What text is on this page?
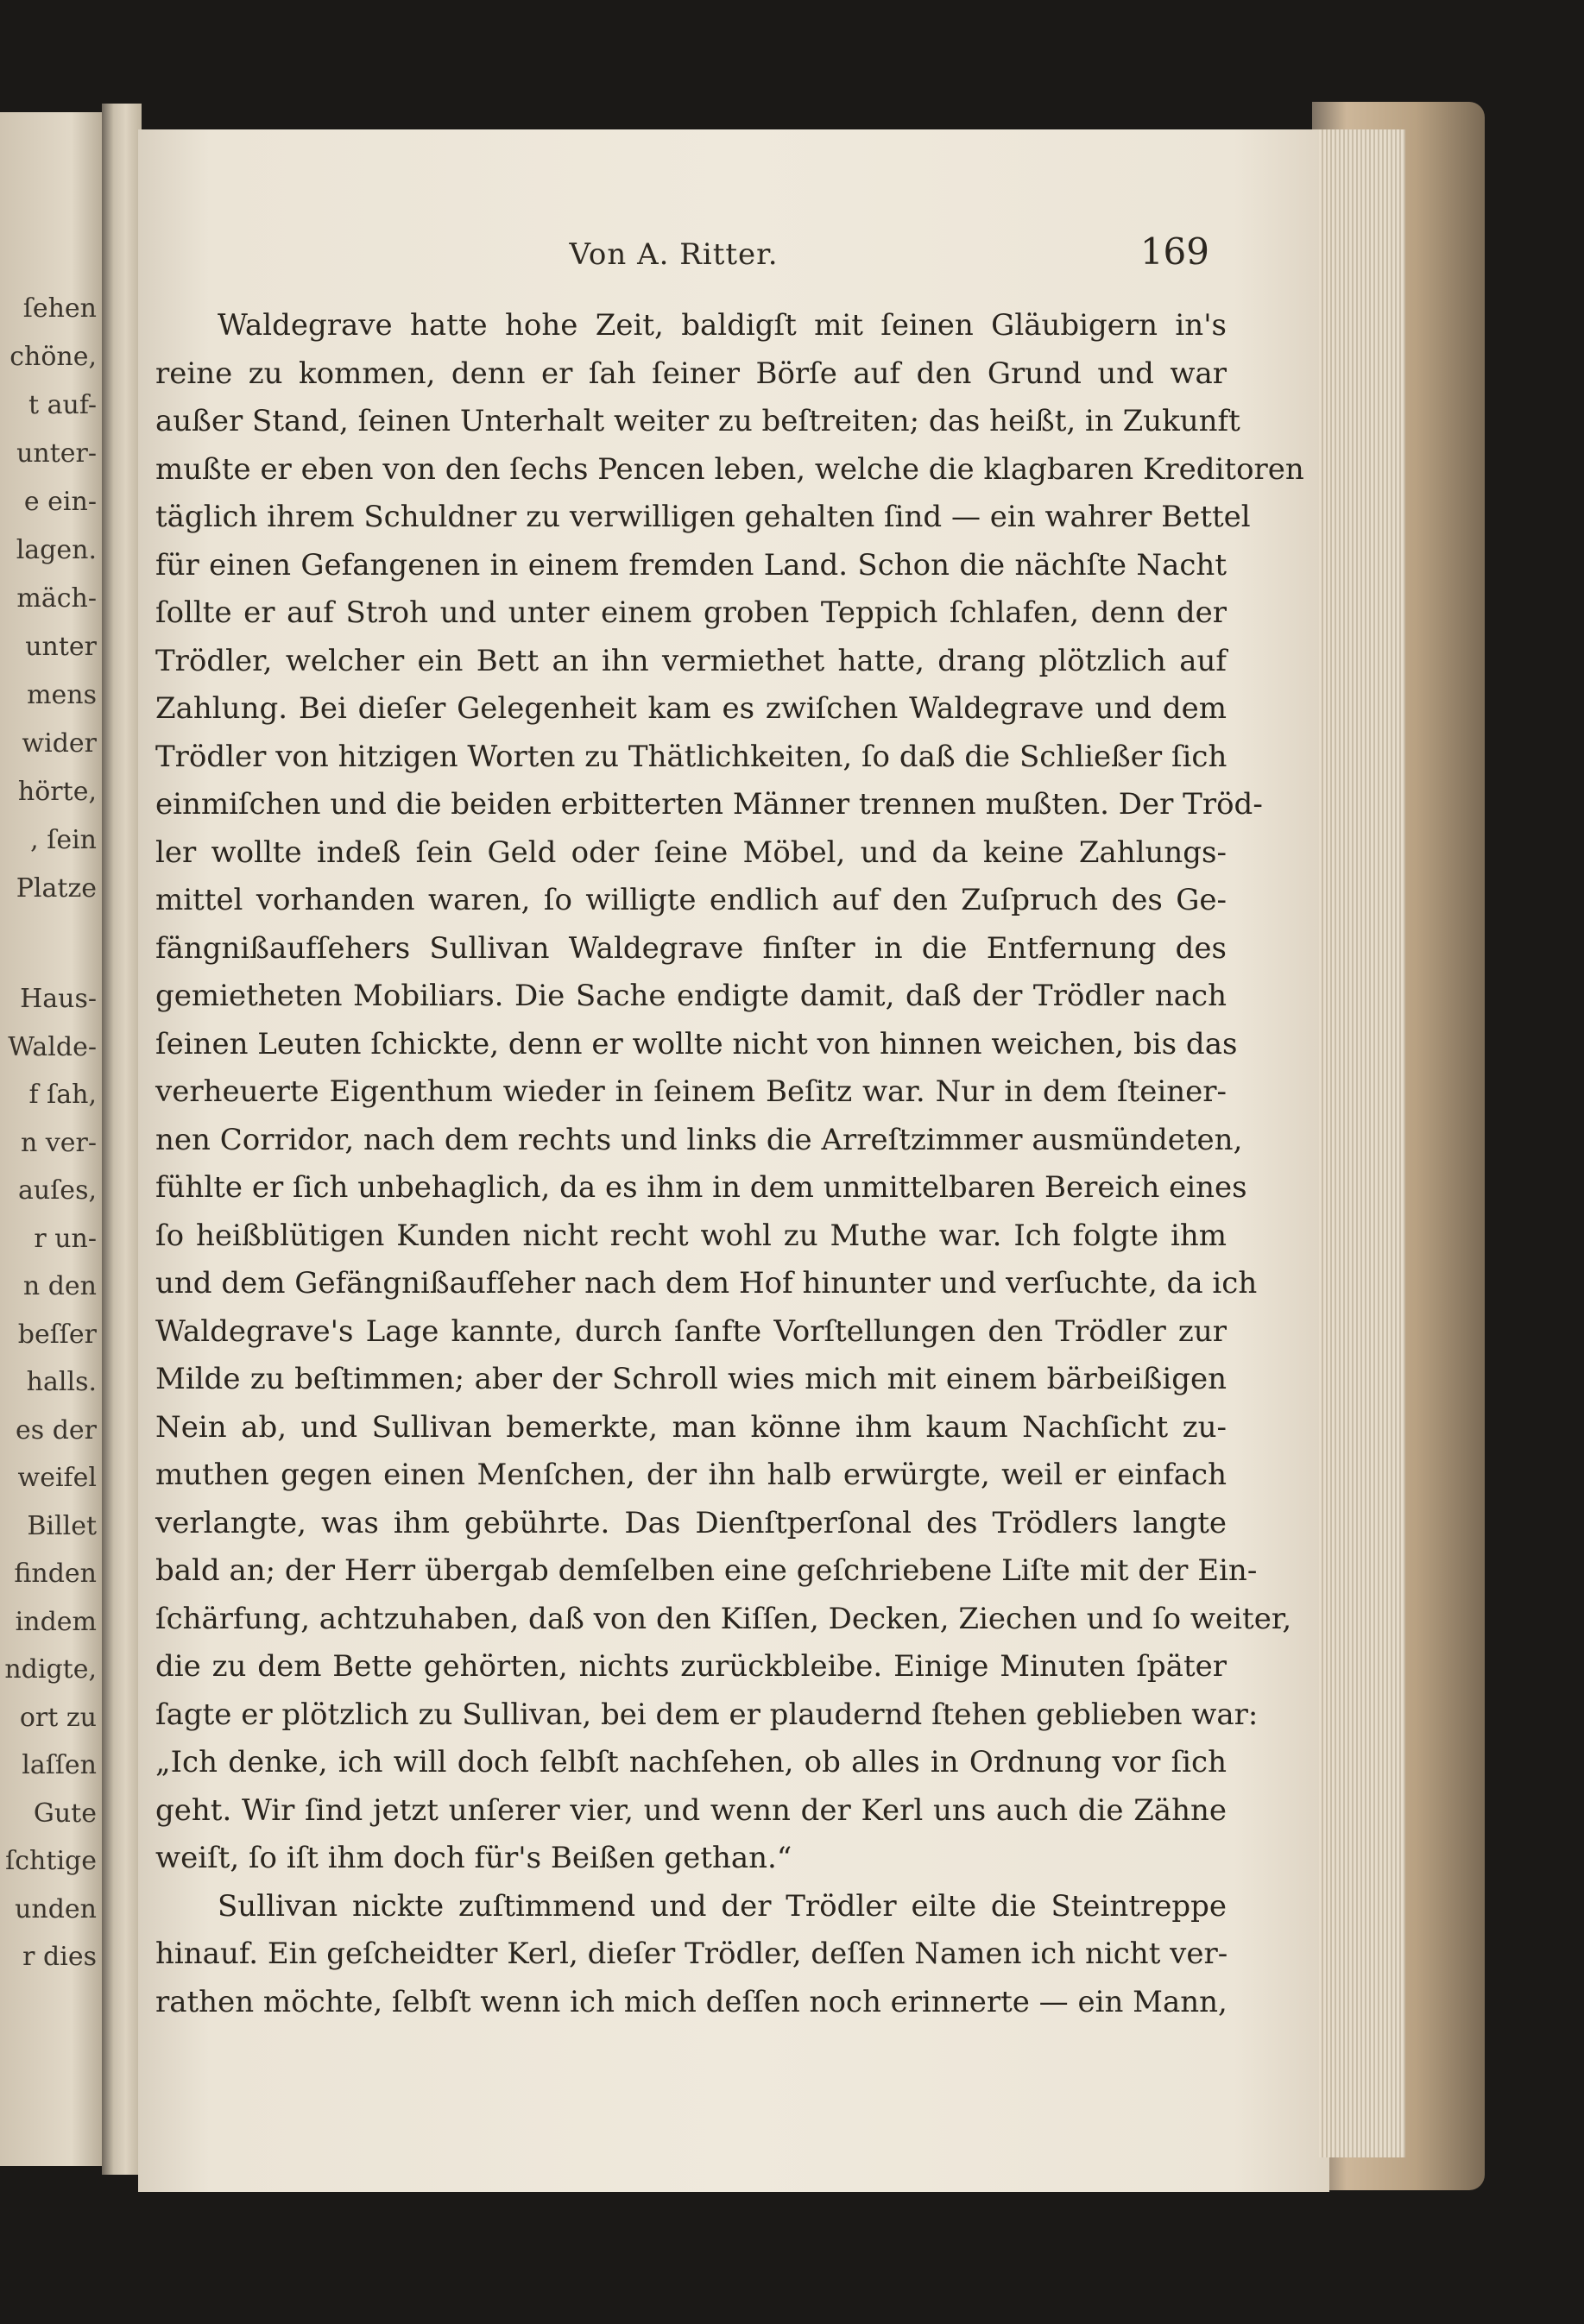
ſehen
chöne,
t auf-
unter-
e ein-
lagen.
mäch-
unter
mens
wider
hörte,
, ſein
Platze
Haus-
Walde-
f ſah,
n ver-
auſes,
r un-
n den
beſſer
halls.
es der
weifel
Billet
finden
indem
ndigte,
ort zu
laſſen
Gute
ſchtige
unden
r dies
Von A. Ritter.	169
Waldegrave hatte hohe Zeit, baldigſt mit ſeinen Gläubigern in's
reine zu kommen, denn er ſah ſeiner Börſe auf den Grund und war
außer Stand, ſeinen Unterhalt weiter zu beſtreiten; das heißt, in Zukunft
mußte er eben von den ſechs Pencen leben, welche die klagbaren Kreditoren
täglich ihrem Schuldner zu verwilligen gehalten ſind — ein wahrer Bettel
für einen Gefangenen in einem fremden Land. Schon die nächſte Nacht
ſollte er auf Stroh und unter einem groben Teppich ſchlafen, denn der
Trödler, welcher ein Bett an ihn vermiethet hatte, drang plötzlich auf
Zahlung. Bei dieſer Gelegenheit kam es zwiſchen Waldegrave und dem
Trödler von hitzigen Worten zu Thätlichkeiten, ſo daß die Schließer ſich
einmiſchen und die beiden erbitterten Männer trennen mußten. Der Tröd-
ler wollte indeß ſein Geld oder ſeine Möbel, und da keine Zahlungs-
mittel vorhanden waren, ſo willigte endlich auf den Zuſpruch des Ge-
fängnißaufſehers Sullivan Waldegrave finſter in die Entfernung des
gemietheten Mobiliars. Die Sache endigte damit, daß der Trödler nach
ſeinen Leuten ſchickte, denn er wollte nicht von hinnen weichen, bis das
verheuerte Eigenthum wieder in ſeinem Beſitz war. Nur in dem ſteiner-
nen Corridor, nach dem rechts und links die Arreſtzimmer ausmündeten,
fühlte er ſich unbehaglich, da es ihm in dem unmittelbaren Bereich eines
ſo heißblütigen Kunden nicht recht wohl zu Muthe war. Ich folgte ihm
und dem Gefängnißaufſeher nach dem Hof hinunter und verſuchte, da ich
Waldegrave's Lage kannte, durch ſanfte Vorſtellungen den Trödler zur
Milde zu beſtimmen; aber der Schroll wies mich mit einem bärbeißigen
Nein ab, und Sullivan bemerkte, man könne ihm kaum Nachſicht zu-
muthen gegen einen Menſchen, der ihn halb erwürgte, weil er einfach
verlangte, was ihm gebührte. Das Dienſtperſonal des Trödlers langte
bald an; der Herr übergab demſelben eine geſchriebene Liſte mit der Ein-
ſchärfung, achtzuhaben, daß von den Kiſſen, Decken, Ziechen und ſo weiter,
die zu dem Bette gehörten, nichts zurückbleibe. Einige Minuten ſpäter
ſagte er plötzlich zu Sullivan, bei dem er plaudernd ſtehen geblieben war:
„Ich denke, ich will doch ſelbſt nachſehen, ob alles in Ordnung vor ſich
geht. Wir ſind jetzt unſerer vier, und wenn der Kerl uns auch die Zähne
weiſt, ſo iſt ihm doch für's Beißen gethan.“
Sullivan nickte zuſtimmend und der Trödler eilte die Steintreppe
hinauf. Ein geſcheidter Kerl, dieſer Trödler, deſſen Namen ich nicht ver-
rathen möchte, ſelbſt wenn ich mich deſſen noch erinnerte — ein Mann,
